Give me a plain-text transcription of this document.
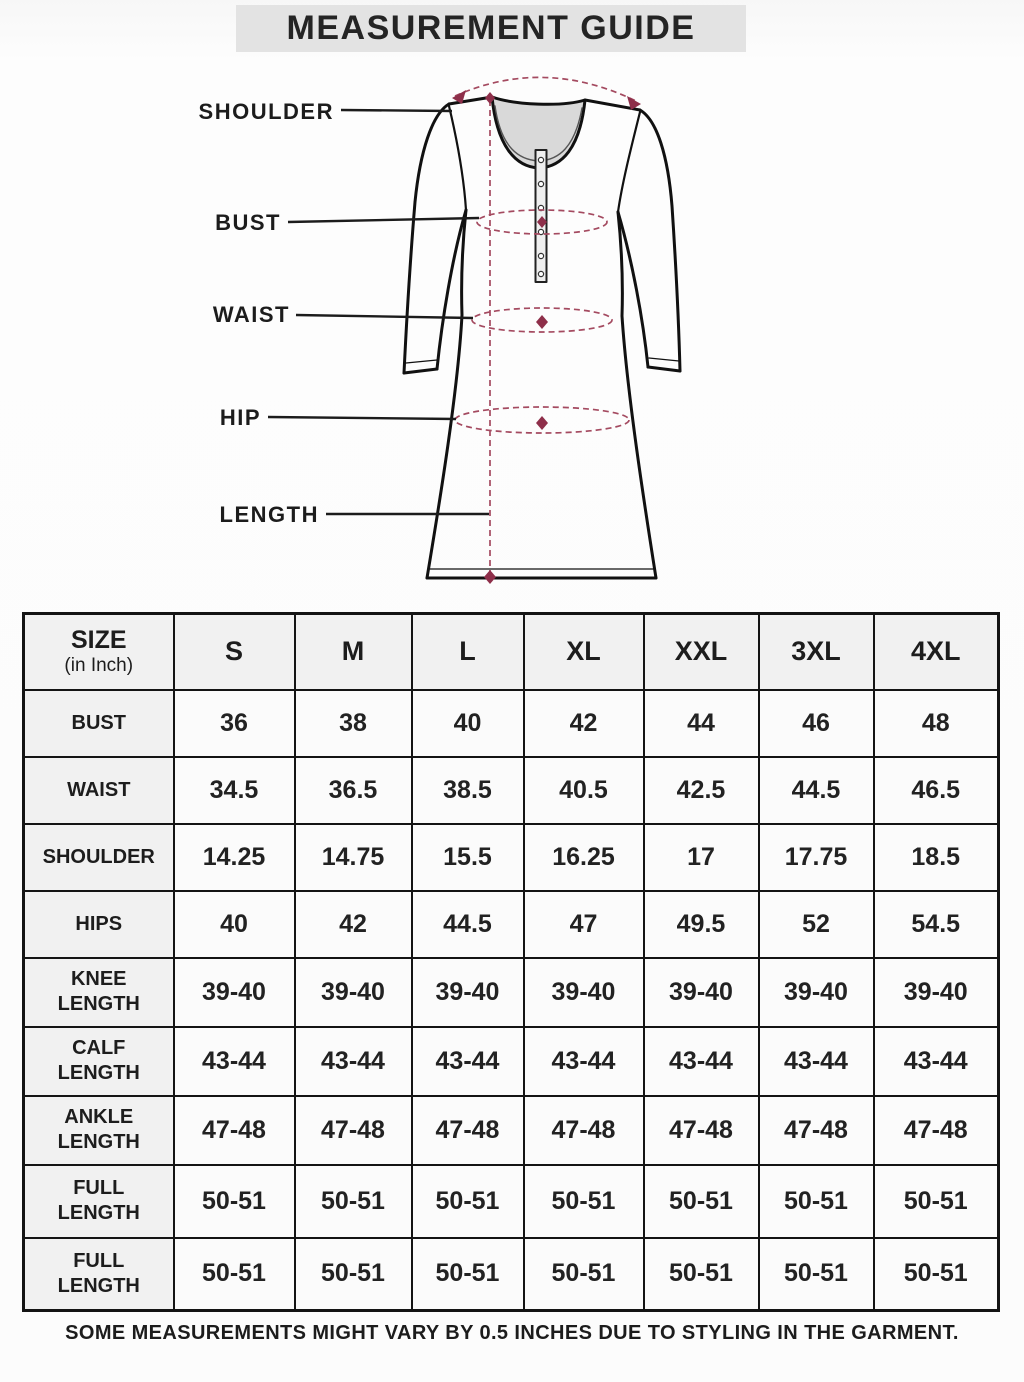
MEASUREMENT GUIDE
SHOULDER
BUST
WAIST
HIP
LENGTH
SIZE
(in Inch)	S	M	L	XL	XXL	3XL	4XL
BUST	36	38	40	42	44	46	48
WAIST	34.5	36.5	38.5	40.5	42.5	44.5	46.5
SHOULDER	14.25	14.75	15.5	16.25	17	17.75	18.5
HIPS	40	42	44.5	47	49.5	52	54.5
KNEE
LENGTH	39-40	39-40	39-40	39-40	39-40	39-40	39-40
CALF
LENGTH	43-44	43-44	43-44	43-44	43-44	43-44	43-44
ANKLE
LENGTH	47-48	47-48	47-48	47-48	47-48	47-48	47-48
FULL
LENGTH	50-51	50-51	50-51	50-51	50-51	50-51	50-51
FULL
LENGTH	50-51	50-51	50-51	50-51	50-51	50-51	50-51
SOME MEASUREMENTS MIGHT VARY BY 0.5 INCHES DUE TO STYLING IN THE GARMENT.
